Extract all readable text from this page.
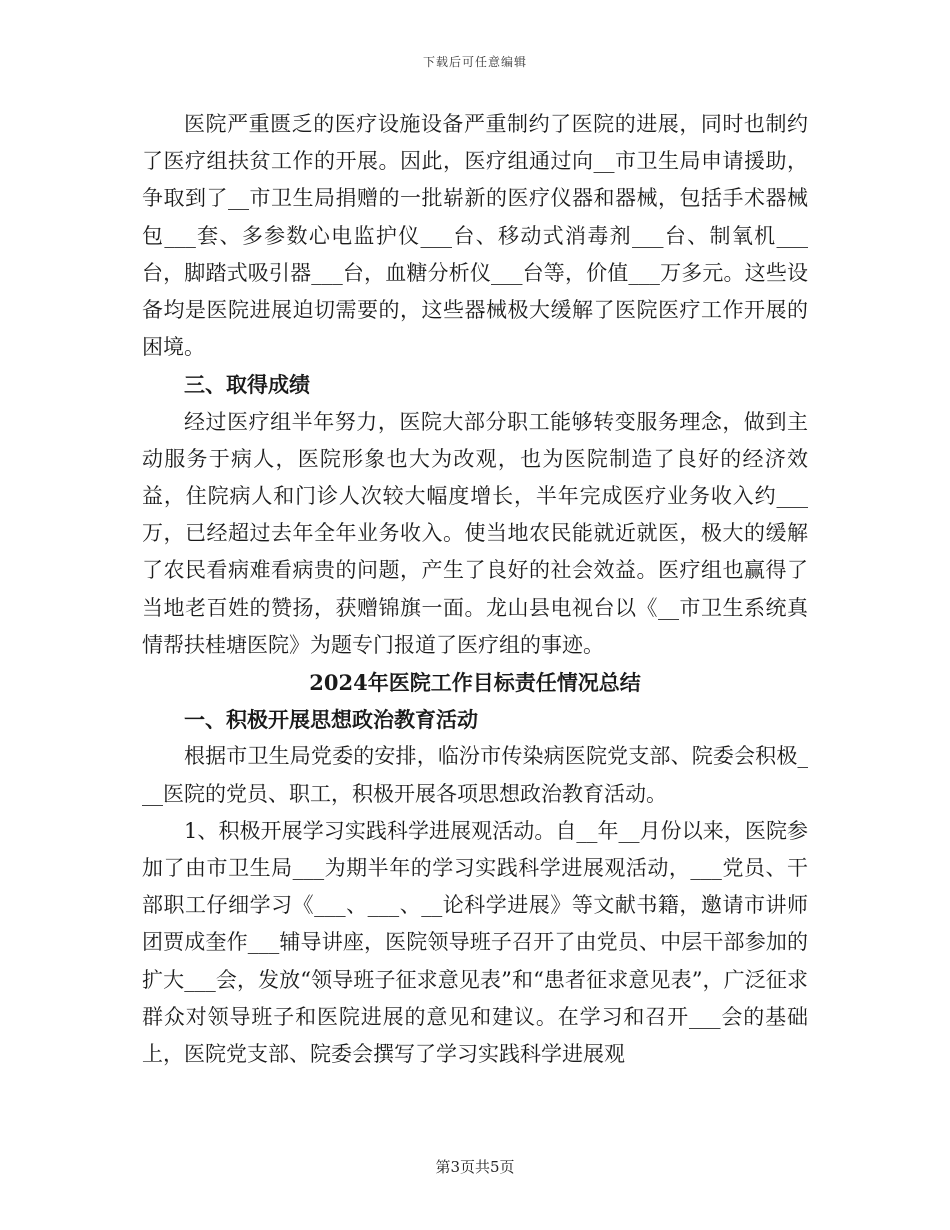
下载后可任意编辑

医院严重匮乏的医疗设施设备严重制约了医院的进展，同时也制约了医疗组扶贫工作的开展。因此，医疗组通过向__市卫生局申请援助，争取到了__市卫生局捐赠的一批崭新的医疗仪器和器械，包括手术器械包___套、多参数心电监护仪___台、移动式消毒剂___台、制氧机___台，脚踏式吸引器___台，血糖分析仪___台等，价值___万多元。这些设备均是医院进展迫切需要的，这些器械极大缓解了医院医疗工作开展的困境。

三、取得成绩

经过医疗组半年努力，医院大部分职工能够转变服务理念，做到主动服务于病人，医院形象也大为改观，也为医院制造了良好的经济效益，住院病人和门诊人次较大幅度增长，半年完成医疗业务收入约___万，已经超过去年全年业务收入。使当地农民能就近就医，极大的缓解了农民看病难看病贵的问题，产生了良好的社会效益。医疗组也赢得了当地老百姓的赞扬，获赠锦旗一面。龙山县电视台以《__市卫生系统真情帮扶桂塘医院》为题专门报道了医疗组的事迹。

2024年医院工作目标责任情况总结

一、积极开展思想政治教育活动

根据市卫生局党委的安排，临汾市传染病医院党支部、院委会积极___医院的党员、职工，积极开展各项思想政治教育活动。

1、积极开展学习实践科学进展观活动。自__年__月份以来，医院参加了由市卫生局___为期半年的学习实践科学进展观活动，___党员、干部职工仔细学习《___、___、__论科学进展》等文献书籍，邀请市讲师团贾成奎作___辅导讲座，医院领导班子召开了由党员、中层干部参加的扩大___会，发放“领导班子征求意见表”和“患者征求意见表”，广泛征求群众对领导班子和医院进展的意见和建议。在学习和召开___会的基础上，医院党支部、院委会撰写了学习实践科学进展观

第3页共5页
